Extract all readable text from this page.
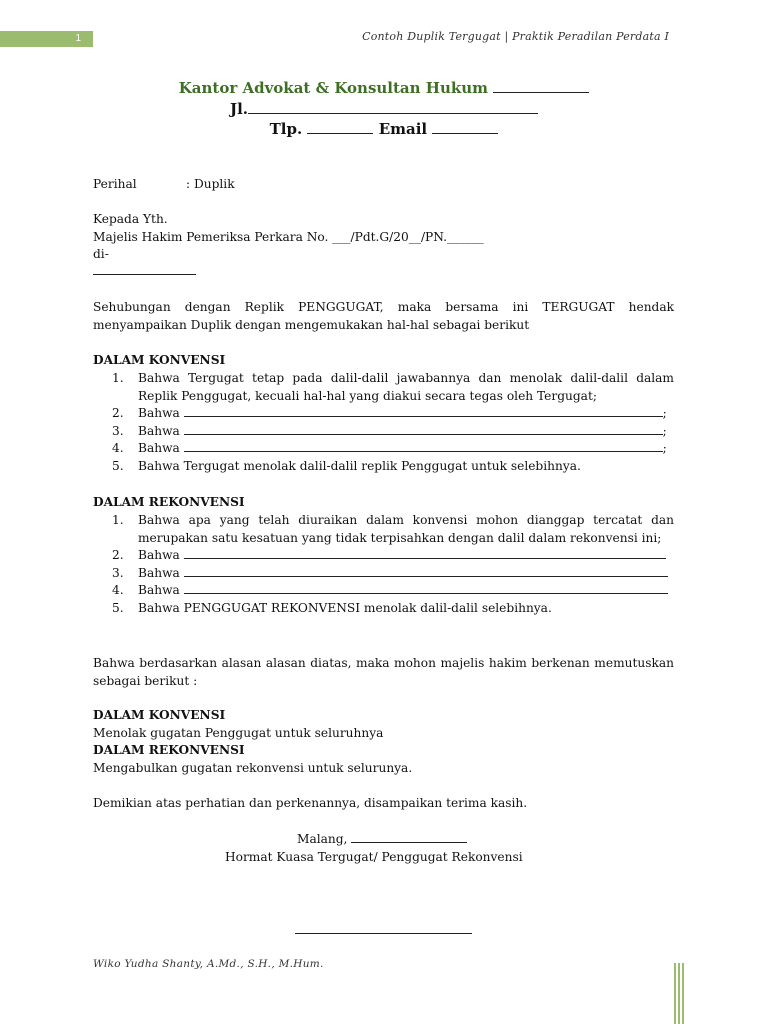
1	Contoh Duplik Tergugat | Praktik Peradilan Perdata I
Kantor Advokat & Konsultan Hukum
Jl.
Tlp.	Email
Perihal	: Duplik
Kepada Yth.
Majelis Hakim Pemeriksa Perkara No. ___/Pdt.G/20__/PN.______
di-
Sehubungan dengan Replik PENGGUGAT, maka bersama ini TERGUGAT hendak menyampaikan Duplik dengan mengemukakan hal-hal sebagai berikut
DALAM KONVENSI
1. Bahwa Tergugat tetap pada dalil-dalil jawabannya dan menolak dalil-dalil dalam Replik Penggugat, kecuali hal-hal yang diakui secara tegas oleh Tergugat;
2. Bahwa	;
3. Bahwa	;
4. Bahwa	;
5. Bahwa Tergugat menolak dalil-dalil replik Penggugat untuk selebihnya.
DALAM REKONVENSI
1. Bahwa apa yang telah diuraikan dalam konvensi mohon dianggap tercatat dan merupakan satu kesatuan yang tidak terpisahkan dengan dalil dalam rekonvensi ini;
2. Bahwa
3. Bahwa
4. Bahwa
5. Bahwa PENGGUGAT REKONVENSI menolak dalil-dalil selebihnya.
Bahwa berdasarkan alasan alasan diatas, maka mohon majelis hakim berkenan memutuskan sebagai berikut :
DALAM KONVENSI
Menolak gugatan Penggugat untuk seluruhnya
DALAM REKONVENSI
Mengabulkan gugatan rekonvensi untuk selurunya.
Demikian atas perhatian dan perkenannya, disampaikan terima kasih.
Malang,
Hormat Kuasa Tergugat/ Penggugat Rekonvensi
Wiko Yudha Shanty, A.Md., S.H., M.Hum.
